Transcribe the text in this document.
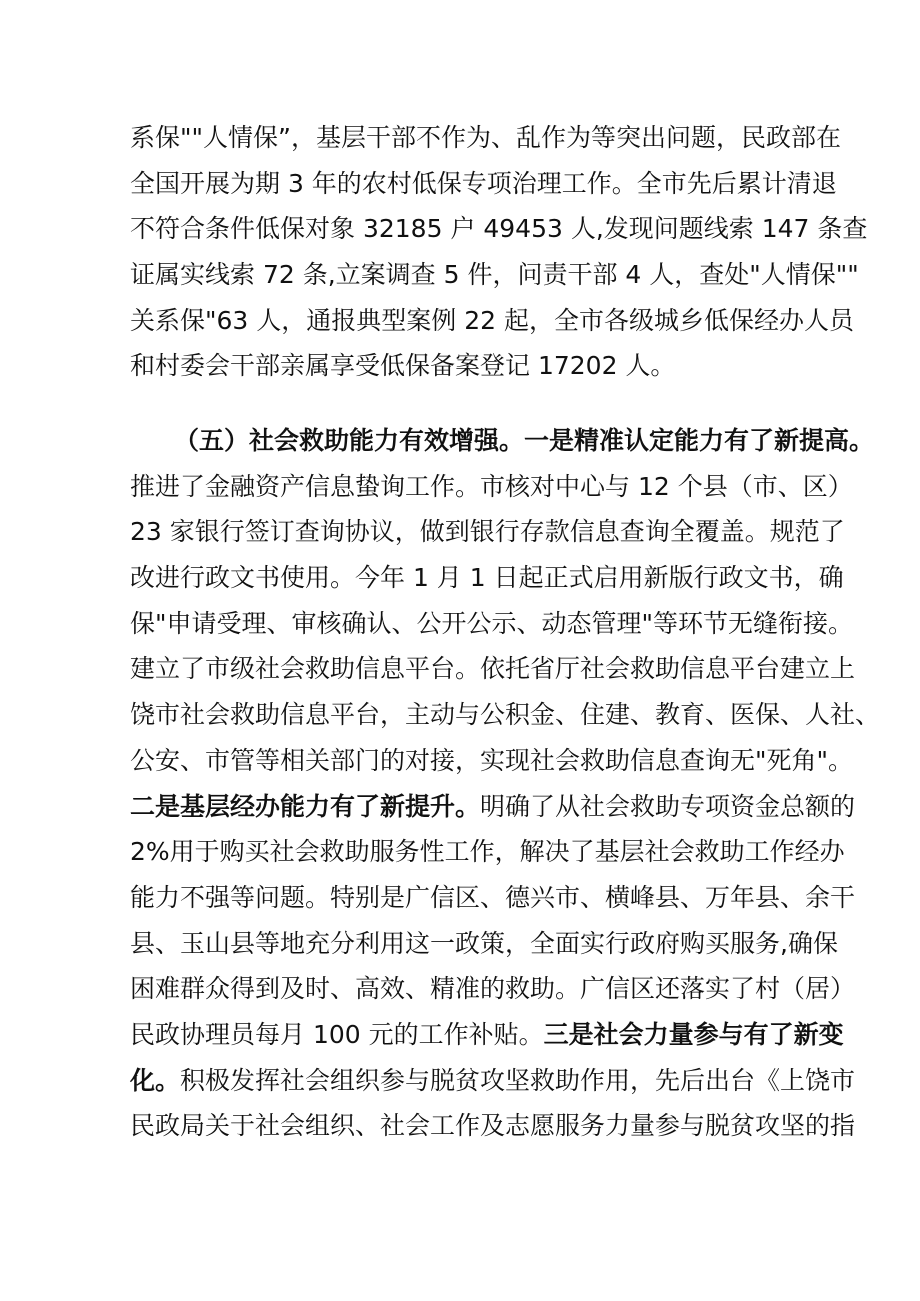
系保""人情保”，基层干部不作为、乱作为等突出问题，民政部在
全国开展为期 3 年的农村低保专项治理工作。全市先后累计清退
不符合条件低保对象 32185 户 49453 人,发现问题线索 147 条查
证属实线索 72 条,立案调查 5 件，问责干部 4 人，查处"人情保""
关系保"63 人，通报典型案例 22 起，全市各级城乡低保经办人员
和村委会干部亲属享受低保备案登记 17202 人。
（五）社会救助能力有效增强。一是精准认定能力有了新提高。
推进了金融资产信息蛰询工作。市核对中心与 12 个县（市、区）
23 家银行签订查询协议，做到银行存款信息查询全覆盖。规范了
改进行政文书使用。今年 1 月 1 日起正式启用新版行政文书，确
保"申请受理、审核确认、公开公示、动态管理"等环节无缝衔接。
建立了市级社会救助信息平台。依托省厅社会救助信息平台建立上
饶市社会救助信息平台，主动与公积金、住建、教育、医保、人社、
公安、市管等相关部门的对接，实现社会救助信息查询无"死角"。
二是基层经办能力有了新提升。明确了从社会救助专项资金总额的
2%用于购买社会救助服务性工作，解决了基层社会救助工作经办
能力不强等问题。特别是广信区、德兴市、横峰县、万年县、余干
县、玉山县等地充分利用这一政策，全面实行政府购买服务,确保
困难群众得到及时、高效、精准的救助。广信区还落实了村（居）
民政协理员每月 100 元的工作补贴。三是社会力量参与有了新变
化。积极发挥社会组织参与脱贫攻坚救助作用，先后出台《上饶市
民政局关于社会组织、社会工作及志愿服务力量参与脱贫攻坚的指
